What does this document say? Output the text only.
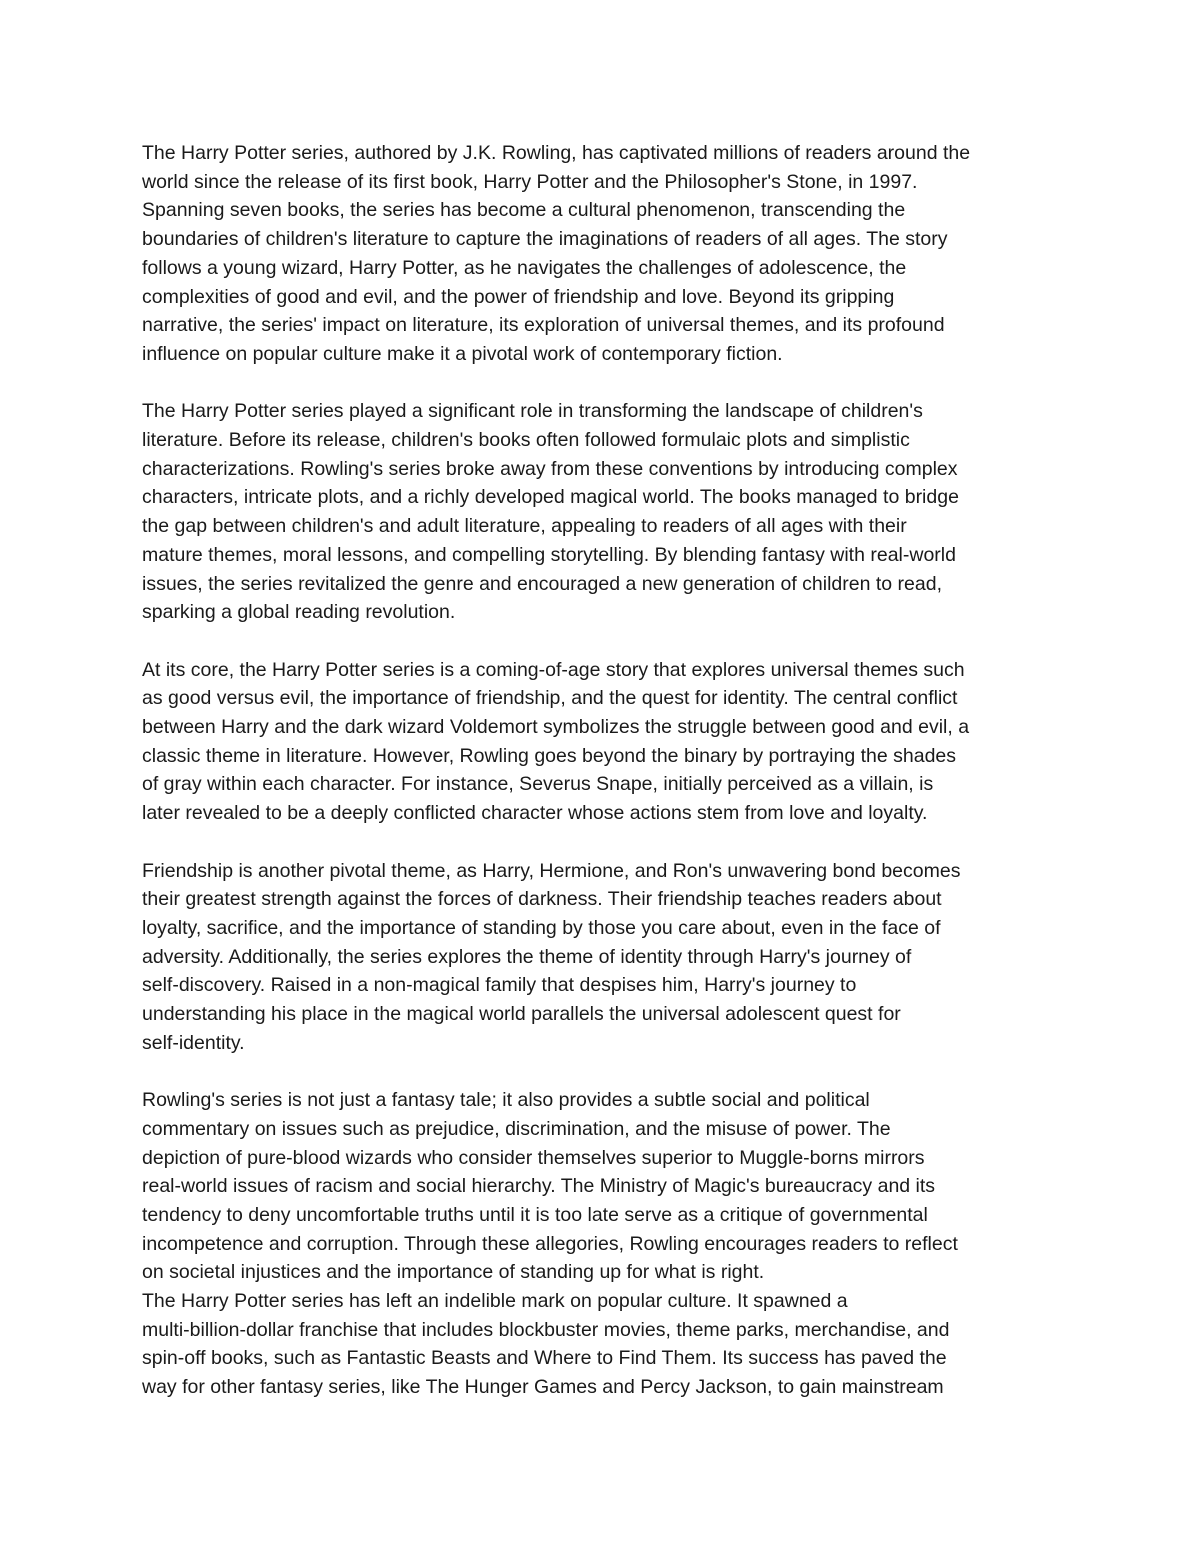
The Harry Potter series, authored by J.K. Rowling, has captivated millions of readers around the

world since the release of its first book, Harry Potter and the Philosopher's Stone, in 1997.

Spanning seven books, the series has become a cultural phenomenon, transcending the

boundaries of children's literature to capture the imaginations of readers of all ages. The story

follows a young wizard, Harry Potter, as he navigates the challenges of adolescence, the

complexities of good and evil, and the power of friendship and love. Beyond its gripping

narrative, the series' impact on literature, its exploration of universal themes, and its profound

influence on popular culture make it a pivotal work of contemporary fiction.

The Harry Potter series played a significant role in transforming the landscape of children's

literature. Before its release, children's books often followed formulaic plots and simplistic

characterizations. Rowling's series broke away from these conventions by introducing complex

characters, intricate plots, and a richly developed magical world. The books managed to bridge

the gap between children's and adult literature, appealing to readers of all ages with their

mature themes, moral lessons, and compelling storytelling. By blending fantasy with real-world

issues, the series revitalized the genre and encouraged a new generation of children to read,

sparking a global reading revolution.

At its core, the Harry Potter series is a coming-of-age story that explores universal themes such

as good versus evil, the importance of friendship, and the quest for identity. The central conflict

between Harry and the dark wizard Voldemort symbolizes the struggle between good and evil, a

classic theme in literature. However, Rowling goes beyond the binary by portraying the shades

of gray within each character. For instance, Severus Snape, initially perceived as a villain, is

later revealed to be a deeply conflicted character whose actions stem from love and loyalty.

Friendship is another pivotal theme, as Harry, Hermione, and Ron's unwavering bond becomes

their greatest strength against the forces of darkness. Their friendship teaches readers about

loyalty, sacrifice, and the importance of standing by those you care about, even in the face of

adversity. Additionally, the series explores the theme of identity through Harry's journey of

self-discovery. Raised in a non-magical family that despises him, Harry's journey to

understanding his place in the magical world parallels the universal adolescent quest for

self-identity.

Rowling's series is not just a fantasy tale; it also provides a subtle social and political

commentary on issues such as prejudice, discrimination, and the misuse of power. The

depiction of pure-blood wizards who consider themselves superior to Muggle-borns mirrors

real-world issues of racism and social hierarchy. The Ministry of Magic's bureaucracy and its

tendency to deny uncomfortable truths until it is too late serve as a critique of governmental

incompetence and corruption. Through these allegories, Rowling encourages readers to reflect

on societal injustices and the importance of standing up for what is right.

The Harry Potter series has left an indelible mark on popular culture. It spawned a

multi-billion-dollar franchise that includes blockbuster movies, theme parks, merchandise, and

spin-off books, such as Fantastic Beasts and Where to Find Them. Its success has paved the

way for other fantasy series, like The Hunger Games and Percy Jackson, to gain mainstream
